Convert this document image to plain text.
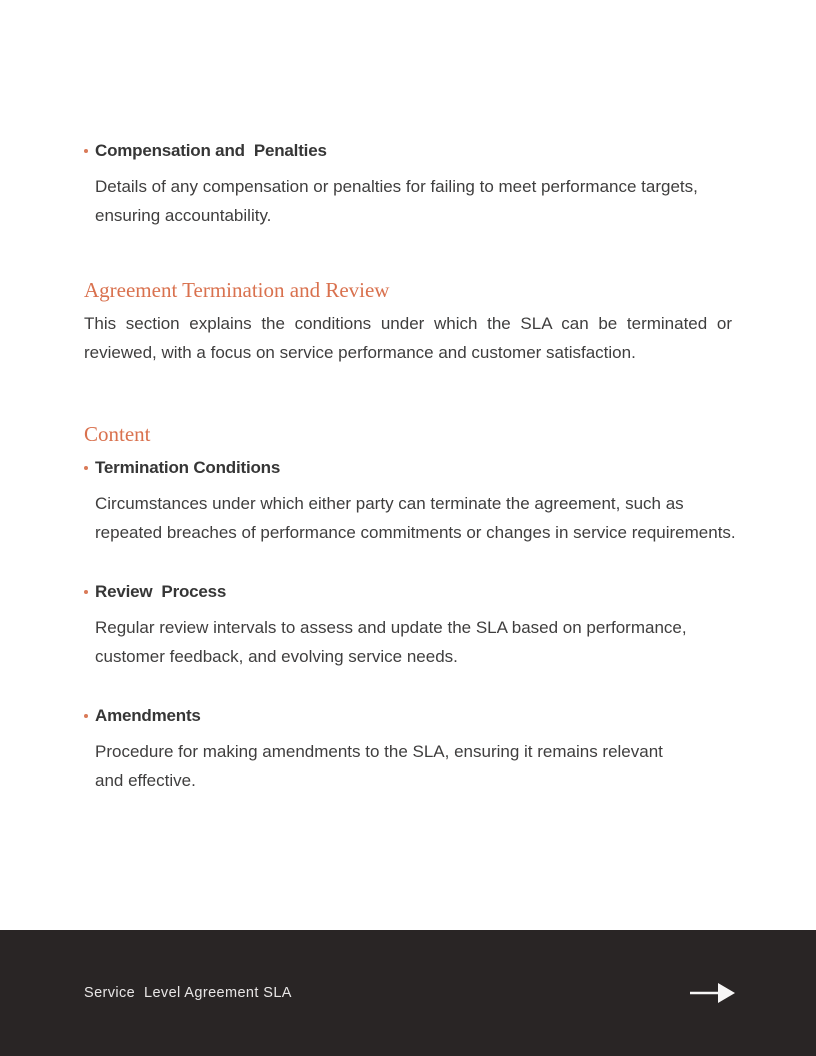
Compensation and  Penalties

Details of any compensation or penalties for failing to meet performance targets, ensuring accountability.

Agreement Termination and Review

This section explains the conditions under which the SLA can be terminated or reviewed, with a focus on service performance and customer satisfaction.

Content
Termination Conditions

Circumstances under which either party can terminate the agreement, such as repeated breaches of performance commitments or changes in service requirements.

Review  Process

Regular review intervals to assess and update the SLA based on performance, customer feedback, and evolving service needs.

Amendments

Procedure for making amendments to the SLA, ensuring it remains relevant and effective.

Service  Level Agreement SLA
